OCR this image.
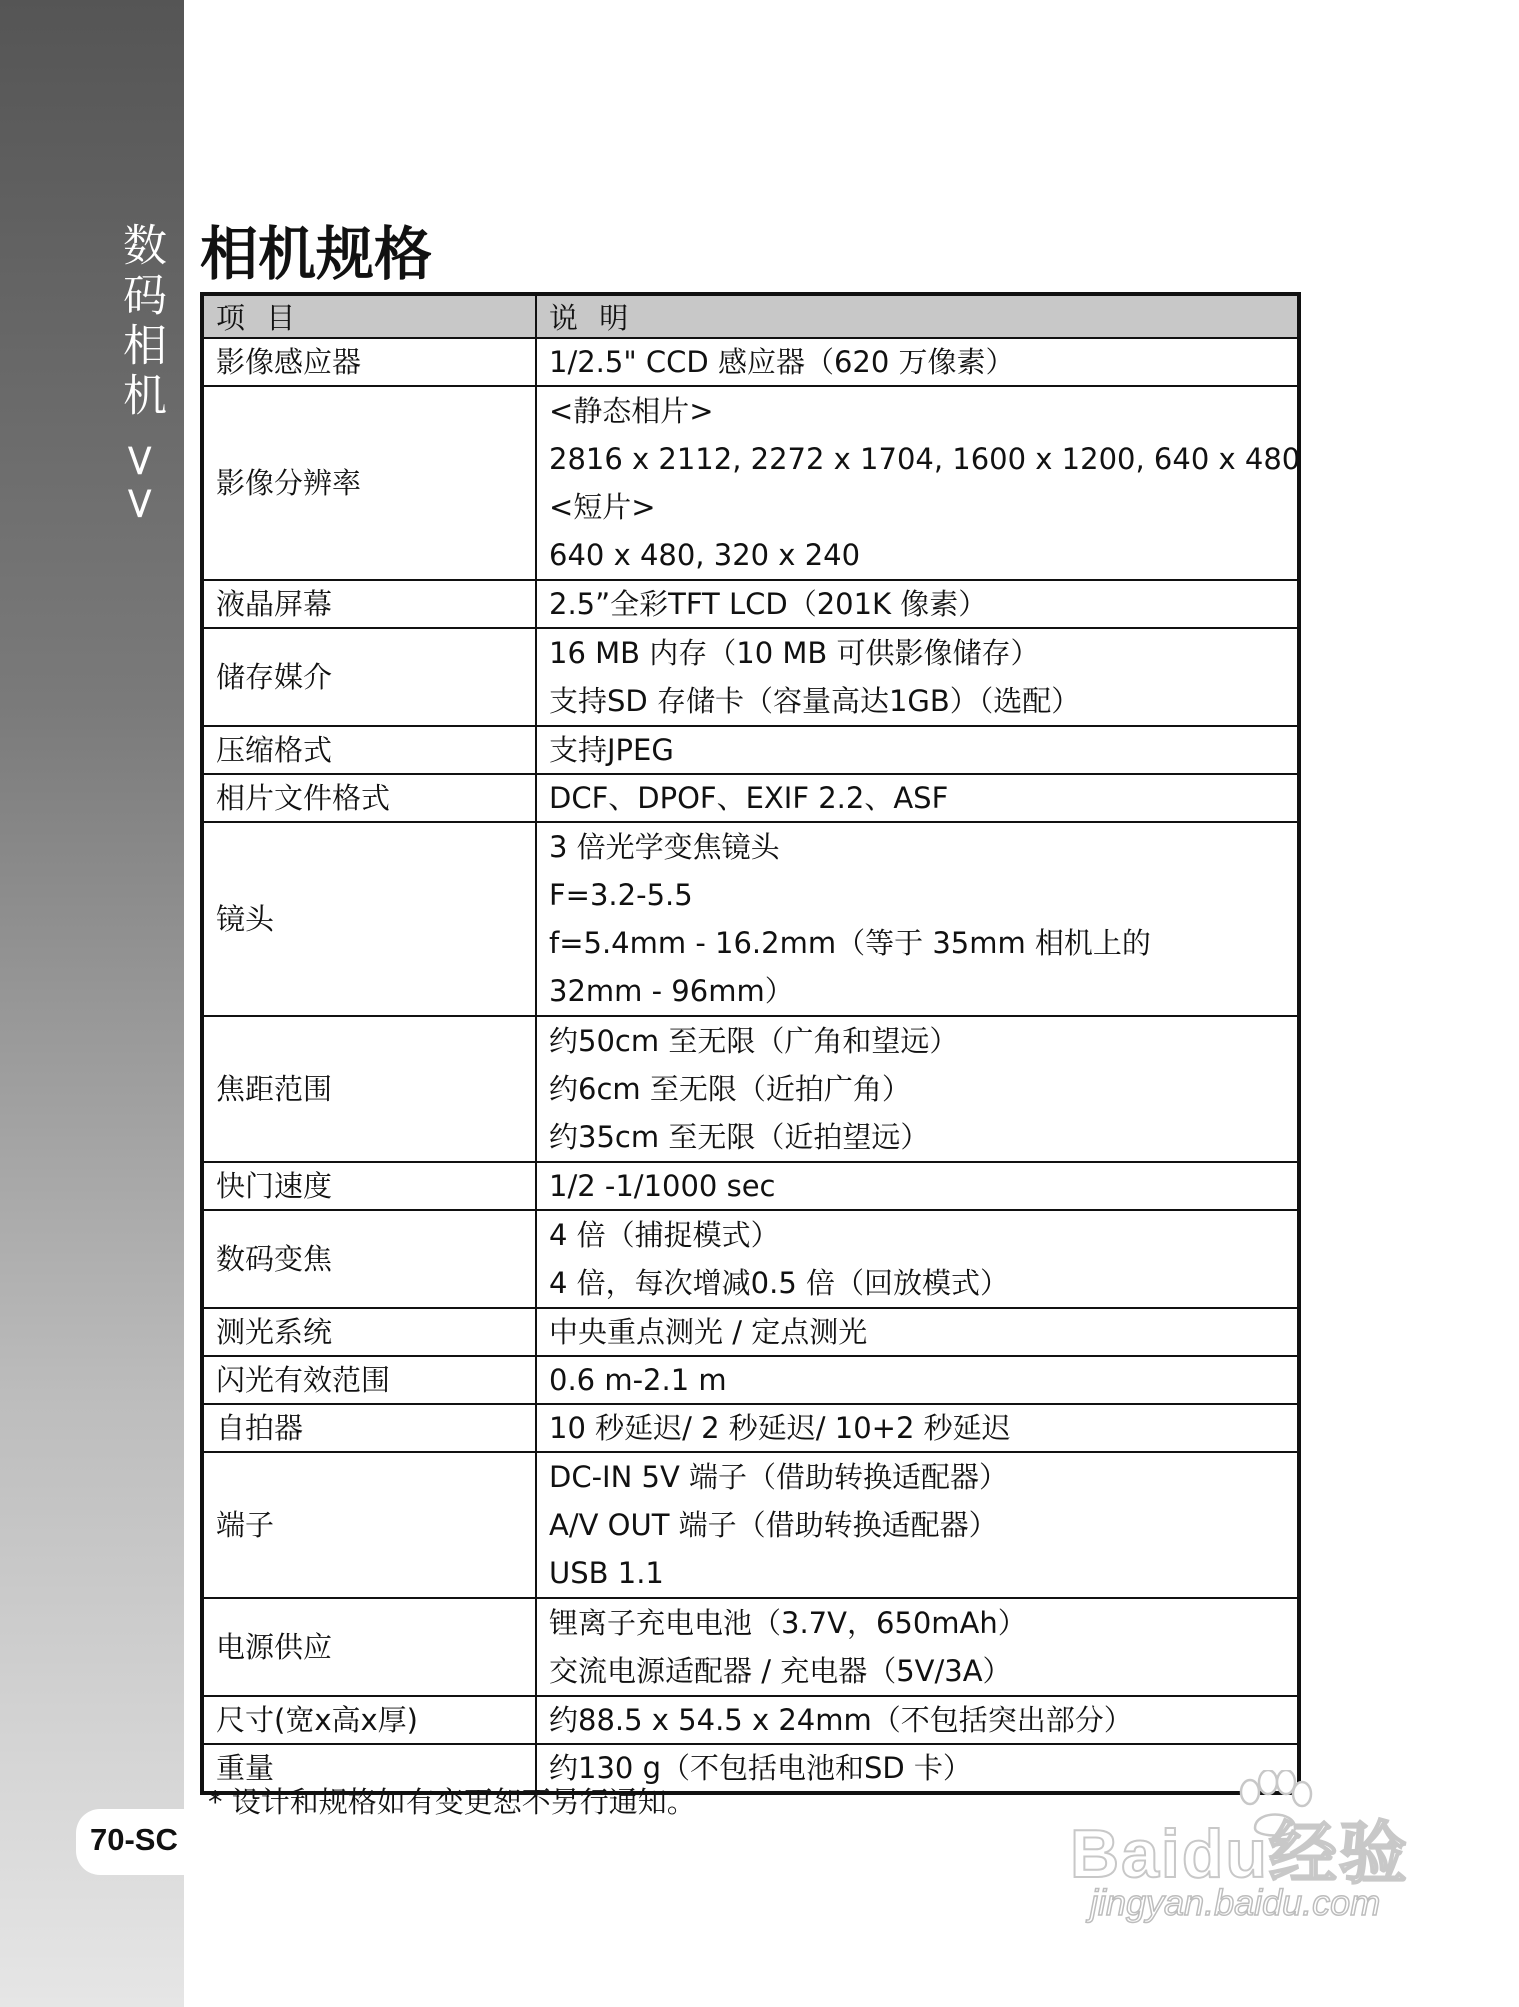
数码相机 >>
70-SC
相机规格
项 目	说 明
影像感应器	1/2.5" CCD 感应器（620 万像素）
影像分辨率	<静态相片>
2816 x 2112, 2272 x 1704, 1600 x 1200, 640 x 480
<短片>
640 x 480, 320 x 240

液晶屏幕	2.5”全彩TFT LCD（201K 像素）
储存媒介	16 MB 内存（10 MB 可供影像储存）
支持SD 存储卡（容量高达1GB）（选配）

压缩格式	支持JPEG
相片文件格式	DCF、DPOF、EXIF 2.2、ASF
镜头	3 倍光学变焦镜头
F=3.2-5.5
f=5.4mm - 16.2mm（等于 35mm 相机上的
32mm - 96mm）

焦距范围	约50cm 至无限（广角和望远）
约6cm 至无限（近拍广角）
约35cm 至无限（近拍望远）

快门速度	1/2 -1/1000 sec
数码变焦	4 倍（捕捉模式）
4 倍，每次增减0.5 倍（回放模式）

测光系统	中央重点测光 / 定点测光
闪光有效范围	0.6 m-2.1 m
自拍器	10 秒延迟/ 2 秒延迟/ 10+2 秒延迟
端子	DC-IN 5V 端子（借助转换适配器）
A/V OUT 端子（借助转换适配器）
USB 1.1

电源供应	锂离子充电电池（3.7V，650mAh）
交流电源适配器 / 充电器（5V/3A）

尺寸(宽x高x厚)	约88.5 x 54.5 x 24mm（不包括突出部分）
重量	约130 g（不包括电池和SD 卡）

* 设计和规格如有变更恕不另行通知。

Baidu经验
jingyan.baidu.com
